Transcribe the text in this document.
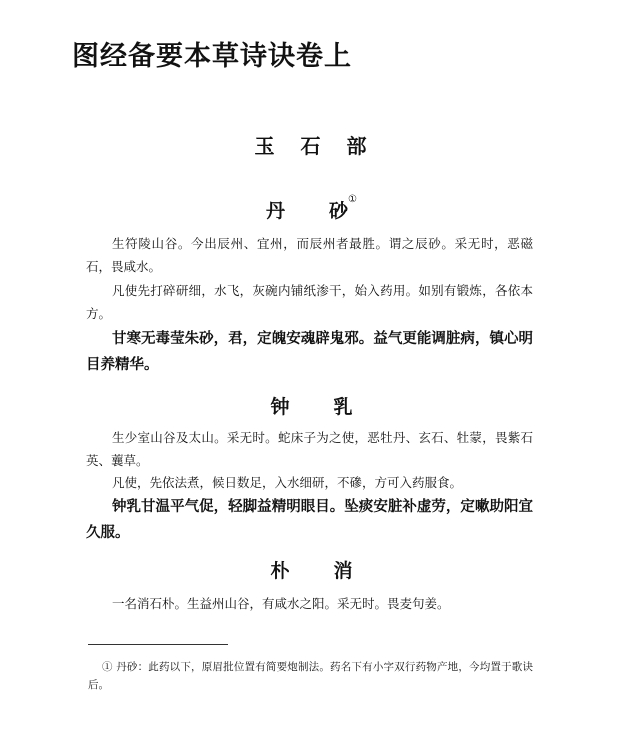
图经备要本草诗诀卷上
玉石部
丹 砂①
生符陵山谷。今出辰州、宜州，而辰州者最胜。谓之辰砂。采无时，恶磁石，畏咸水。
凡使先打碎研细，水飞，灰碗内铺纸渗干，始入药用。如别有锻炼，各依本方。
甘寒无毒莹朱砂，君，定魄安魂辟鬼邪。益气更能调脏病，镇心明目养精华。
钟 乳
生少室山谷及太山。采无时。蛇床子为之使，恶牡丹、玄石、牡蒙，畏紫石英、蘘草。
凡使，先依法煮，候日数足，入水细研，不磣，方可入药服食。
钟乳甘温平气促，轻脚益精明眼目。坠痰安脏补虚劳，定嗽助阳宜久服。
朴 消
一名消石朴。生益州山谷，有咸水之阳。采无时。畏麦句姜。
① 丹砂：此药以下，原眉批位置有简要炮制法。药名下有小字双行药物产地，今均置于歌诀后。
